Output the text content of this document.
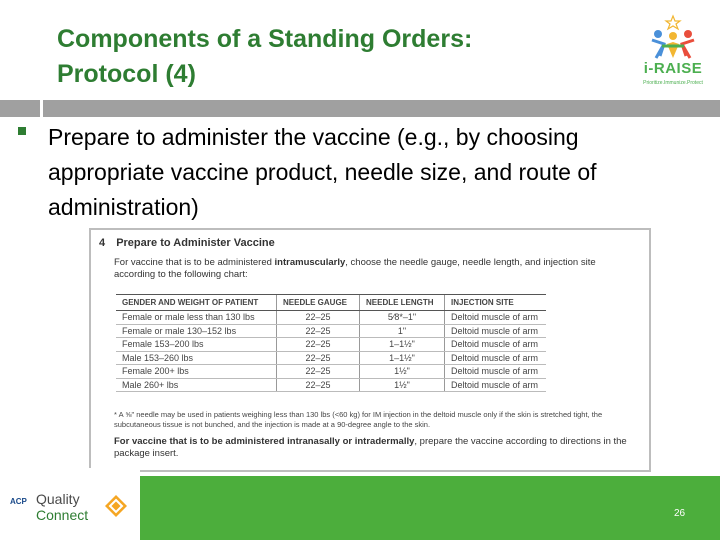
Components of a Standing Orders:
Protocol (4)	i-RAISE
Prioritize.Immunize.Protect
Prepare to administer the vaccine (e.g., by choosing appropriate vaccine product, needle size, and route of administration)
4 Prepare to Administer Vaccine
For vaccine that is to be administered intramuscularly, choose the needle gauge, needle length, and injection site according to the following chart:
GENDER AND WEIGHT OF PATIENT	NEEDLE GAUGE	NEEDLE LENGTH	INJECTION SITE
Female or male less than 130 lbs	22–25	5⁄8*–1"	Deltoid muscle of arm
Female or male 130–152 lbs	22–25	1"	Deltoid muscle of arm
Female 153–200 lbs	22–25	1–1½"	Deltoid muscle of arm
Male 153–260 lbs	22–25	1–1½"	Deltoid muscle of arm
Female 200+ lbs	22–25	1½"	Deltoid muscle of arm
Male 260+ lbs	22–25	1½"	Deltoid muscle of arm
* A ⅝" needle may be used in patients weighing less than 130 lbs (<60 kg) for IM injection in the deltoid muscle only if the skin is stretched tight, the subcutaneous tissue is not bunched, and the injection is made at a 90-degree angle to the skin.
For vaccine that is to be administered intranasally or intradermally, prepare the vaccine according to directions in the package insert.
ACP Quality
Connect	26
